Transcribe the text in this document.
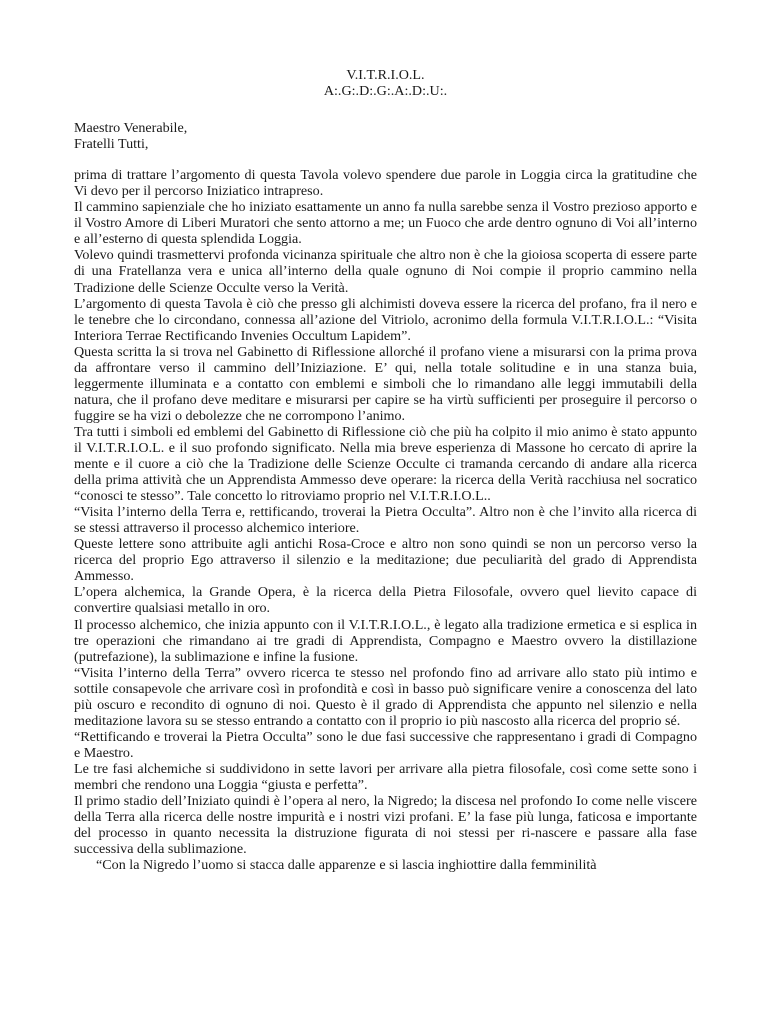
V.I.T.R.I.O.L.

A:.G:.D:.G:.A:.D:.U:.

Maestro Venerabile,
Fratelli Tutti,

prima di trattare l’argomento di questa Tavola volevo spendere due parole in Loggia circa la gratitudine che Vi devo per il percorso Iniziatico intrapreso.

Il cammino sapienziale che ho iniziato esattamente un anno fa nulla sarebbe senza il Vostro prezioso apporto e il Vostro Amore di Liberi Muratori che sento attorno a me; un Fuoco che arde dentro ognuno di Voi all’interno e all’esterno di questa splendida Loggia.

Volevo quindi trasmettervi profonda vicinanza spirituale che altro non è che la gioiosa scoperta di essere parte di una Fratellanza vera e unica all’interno della quale ognuno di Noi compie il proprio cammino nella Tradizione delle Scienze Occulte verso la Verità.

L’argomento di questa Tavola è ciò che presso gli alchimisti doveva essere la ricerca del profano, fra il nero e le tenebre che lo circondano, connessa all’azione del Vitriolo, acronimo della formula V.I.T.R.I.O.L.: “Visita Interiora Terrae Rectificando Invenies Occultum Lapidem”.

Questa scritta la si trova nel Gabinetto di Riflessione allorché il profano viene a misurarsi con la prima prova da affrontare verso il cammino dell’Iniziazione. E’ qui, nella totale solitudine e in una stanza buia, leggermente illuminata e a contatto con emblemi e simboli che lo rimandano alle leggi immutabili della natura, che il profano deve meditare e misurarsi per capire se ha virtù sufficienti per proseguire il percorso o fuggire se ha vizi o debolezze che ne corrompono l’animo.

Tra tutti i simboli ed emblemi del Gabinetto di Riflessione ciò che più ha colpito il mio animo è stato appunto il V.I.T.R.I.O.L. e il suo profondo significato. Nella mia breve esperienza di Massone ho cercato di aprire la mente e il cuore a ciò che la Tradizione delle Scienze Occulte ci tramanda cercando di andare alla ricerca della prima attività che un Apprendista Ammesso deve operare: la ricerca della Verità racchiusa nel socratico “conosci te stesso”. Tale concetto lo ritroviamo proprio nel V.I.T.R.I.O.L..

“Visita l’interno della Terra e, rettificando, troverai la Pietra Occulta”. Altro non è che l’invito alla ricerca di se stessi attraverso il processo alchemico interiore.

Queste lettere sono attribuite agli antichi Rosa-Croce e altro non sono quindi se non un percorso verso la ricerca del proprio Ego attraverso il silenzio e la meditazione; due peculiarità del grado di Apprendista Ammesso.

L’opera alchemica, la Grande Opera, è la ricerca della Pietra Filosofale, ovvero quel lievito capace di convertire qualsiasi metallo in oro.

Il processo alchemico, che inizia appunto con il V.I.T.R.I.O.L., è legato alla tradizione ermetica e si esplica in tre operazioni che rimandano ai tre gradi di Apprendista, Compagno e Maestro ovvero la distillazione (putrefazione), la sublimazione e infine la fusione.

“Visita l’interno della Terra” ovvero ricerca te stesso nel profondo fino ad arrivare allo stato più intimo e sottile consapevole che arrivare così in profondità e così in basso può significare venire a conoscenza del lato più oscuro e recondito di ognuno di noi. Questo è il grado di Apprendista che appunto nel silenzio e nella meditazione lavora su se stesso entrando a contatto con il proprio io più nascosto alla ricerca del proprio sé.

“Rettificando e troverai la Pietra Occulta” sono le due fasi successive che rappresentano i gradi di Compagno e Maestro.

Le tre fasi alchemiche si suddividono in sette lavori per arrivare alla pietra filosofale, così come sette sono i membri che rendono una Loggia “giusta e perfetta”.

Il primo stadio dell’Iniziato quindi è l’opera al nero, la Nigredo; la discesa nel profondo Io come nelle viscere della Terra alla ricerca delle nostre impurità e i nostri vizi profani. E’ la fase più lunga, faticosa e importante del processo in quanto necessita la distruzione figurata di noi stessi per ri-nascere e passare alla fase successiva della sublimazione.

“Con la Nigredo l’uomo si stacca dalle apparenze e si lascia inghiottire dalla femminilità
